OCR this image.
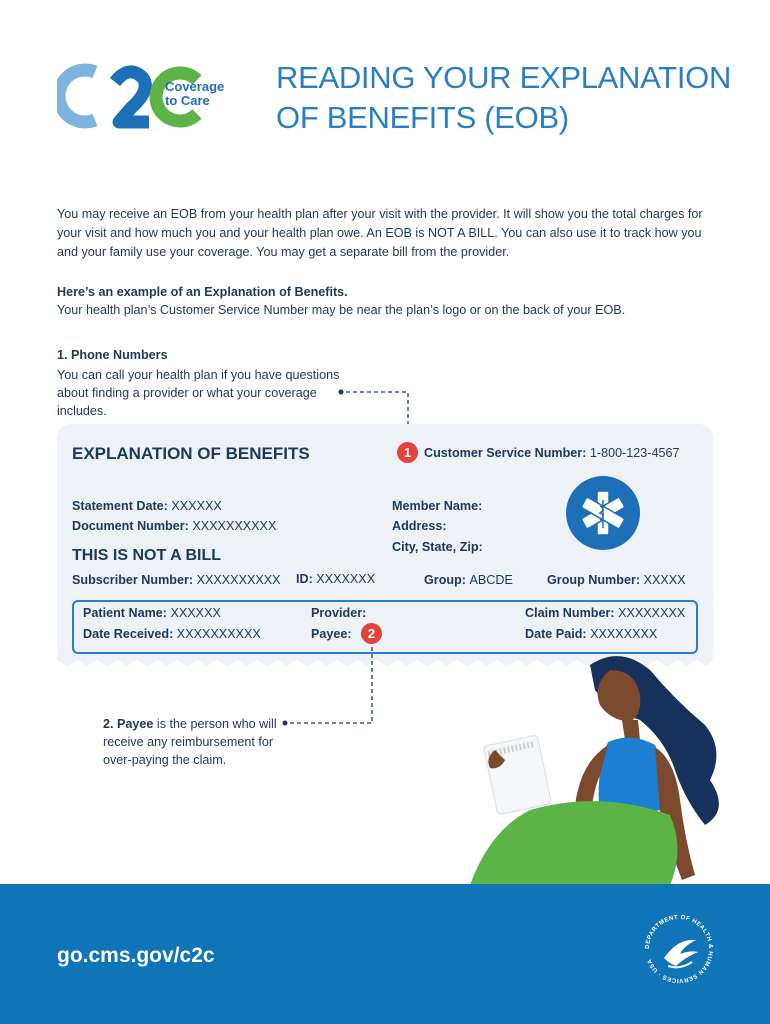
Coverage
to Care
READING YOUR EXPLANATION
OF BENEFITS (EOB)
You may receive an EOB from your health plan after your visit with the provider. It will show you the total charges for your visit and how much you and your health plan owe. An EOB is NOT A BILL. You can also use it to track how you and your family use your coverage. You may get a separate bill from the provider.
Here’s an example of an Explanation of Benefits.
Your health plan’s Customer Service Number may be near the plan’s logo or on the back of your EOB.
1. Phone Numbers
You can call your health plan if you have questions about finding a provider or what your coverage includes.
EXPLANATION OF BENEFITS	1	Customer Service Number: 1-800-123-4567
Statement Date: XXXXXX
Document Number: XXXXXXXXXX
Member Name:
Address:
City, State, Zip:
THIS IS NOT A BILL
Subscriber Number: XXXXXXXXXX ID: XXXXXXX	Group: ABCDE	Group Number: XXXXX
Patient Name: XXXXXX
Date Received: XXXXXXXXXX
Provider:
Payee:	2
Claim Number: XXXXXXXX
Date Paid: XXXXXXXX
2. Payee is the person who will receive any reimbursement for over-paying the claim.
go.cms.gov/c2c	DEPARTMENT OF HEALTH & HUMAN SERVICES · USA
